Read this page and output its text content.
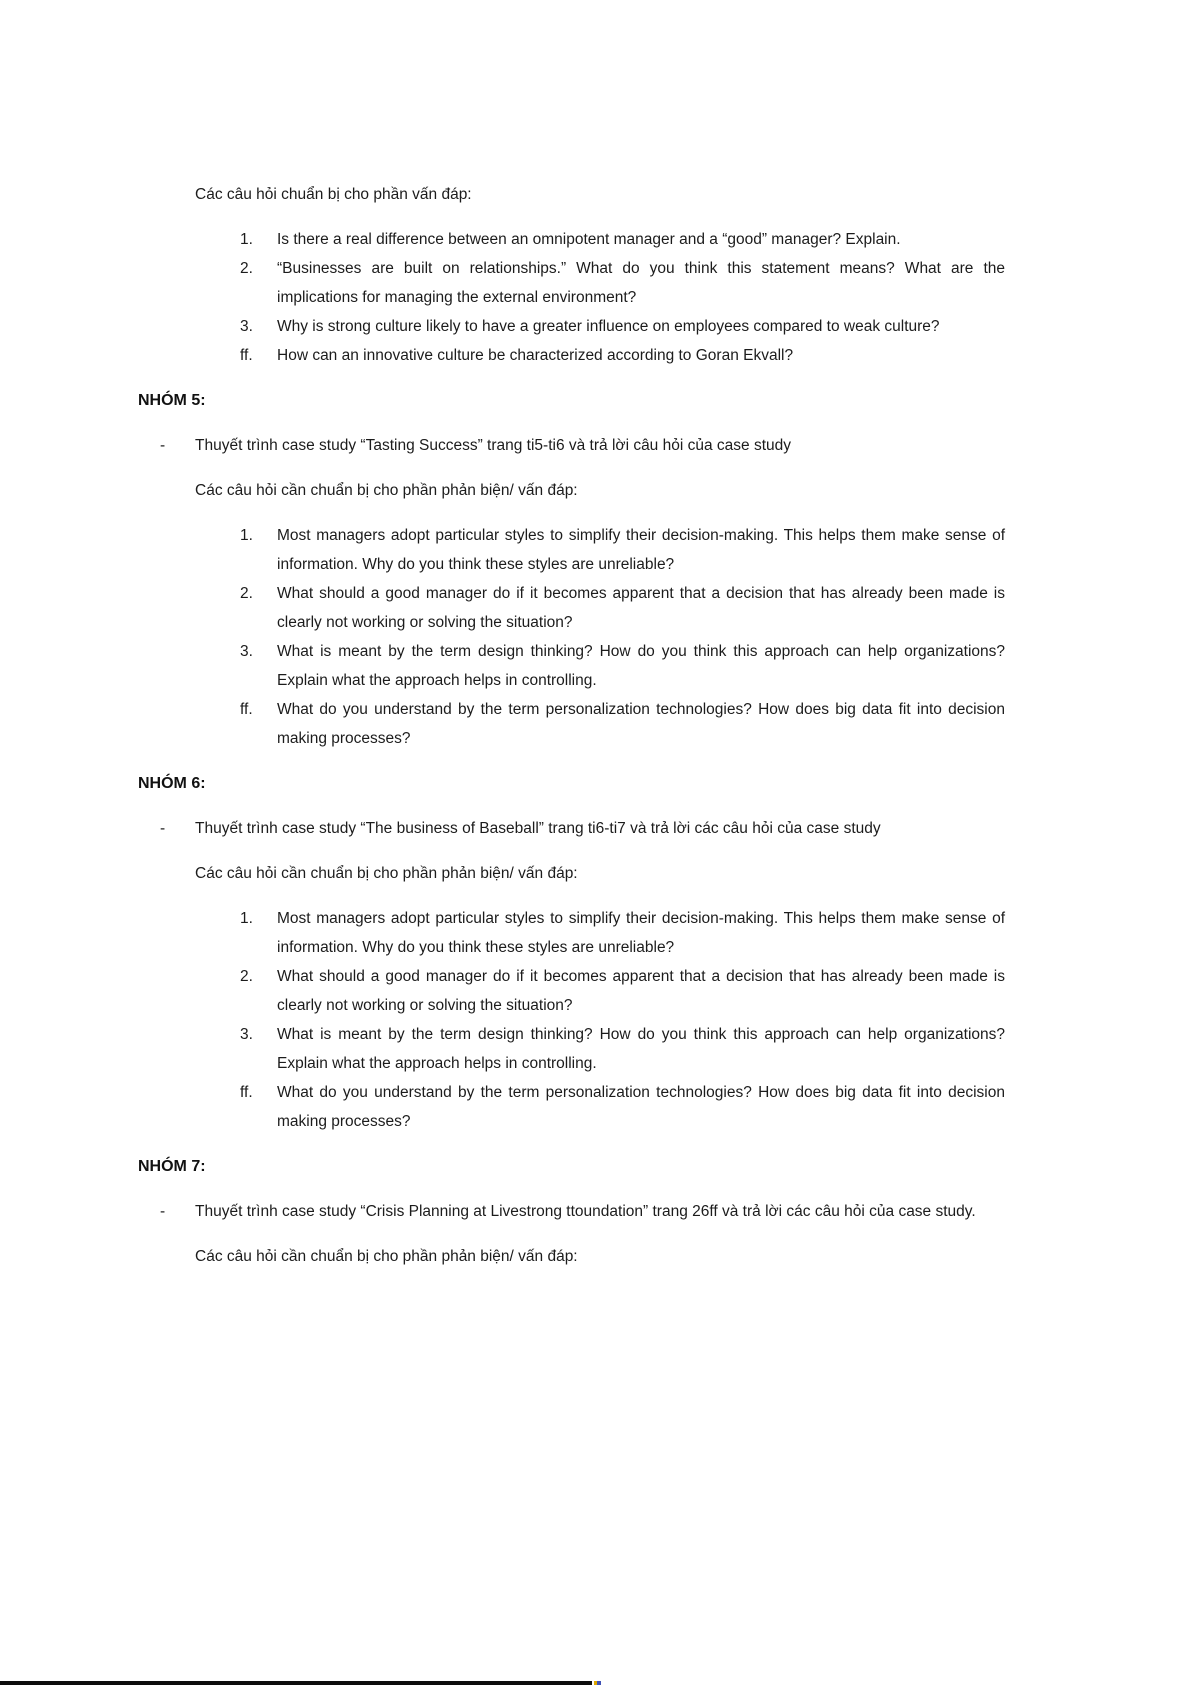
Các câu hỏi chuẩn bị cho phần vấn đáp:

1.	Is there a real difference between an omnipotent manager and a “good” manager? Explain.
2.	“Businesses are built on relationships.” What do you think this statement means? What are the implications for managing the external environment?
3.	Why is strong culture likely to have a greater influence on employees compared to weak culture?
ff.	How can an innovative culture be characterized according to Goran Ekvall?
NHÓM 5:
-	Thuyết trình case study “Tasting Success” trang ti5-ti6 và trả lời câu hỏi của case study

Các câu hỏi cần chuẩn bị cho phần phản biện/ vấn đáp:

1.	Most managers adopt particular styles to simplify their decision-making. This helps them make sense of information. Why do you think these styles are unreliable?
2.	What should a good manager do if it becomes apparent that a decision that has already been made is clearly not working or solving the situation?
3.	What is meant by the term design thinking? How do you think this approach can help organizations? Explain what the approach helps in controlling.
ff.	What do you understand by the term personalization technologies? How does big data fit into decision making processes?
NHÓM 6:
-	Thuyết trình case study “The business of Baseball” trang ti6-ti7 và trả lời các câu hỏi của case study

Các câu hỏi cần chuẩn bị cho phần phản biện/ vấn đáp:

1.	Most managers adopt particular styles to simplify their decision-making. This helps them make sense of information. Why do you think these styles are unreliable?
2.	What should a good manager do if it becomes apparent that a decision that has already been made is clearly not working or solving the situation?
3.	What is meant by the term design thinking? How do you think this approach can help organizations? Explain what the approach helps in controlling.
ff.	What do you understand by the term personalization technologies? How does big data fit into decision making processes?
NHÓM 7:
-	Thuyết trình case study “Crisis Planning at Livestrong ttoundation” trang 26ff và trả lời các câu hỏi của case study.

Các câu hỏi cần chuẩn bị cho phần phản biện/ vấn đáp:
